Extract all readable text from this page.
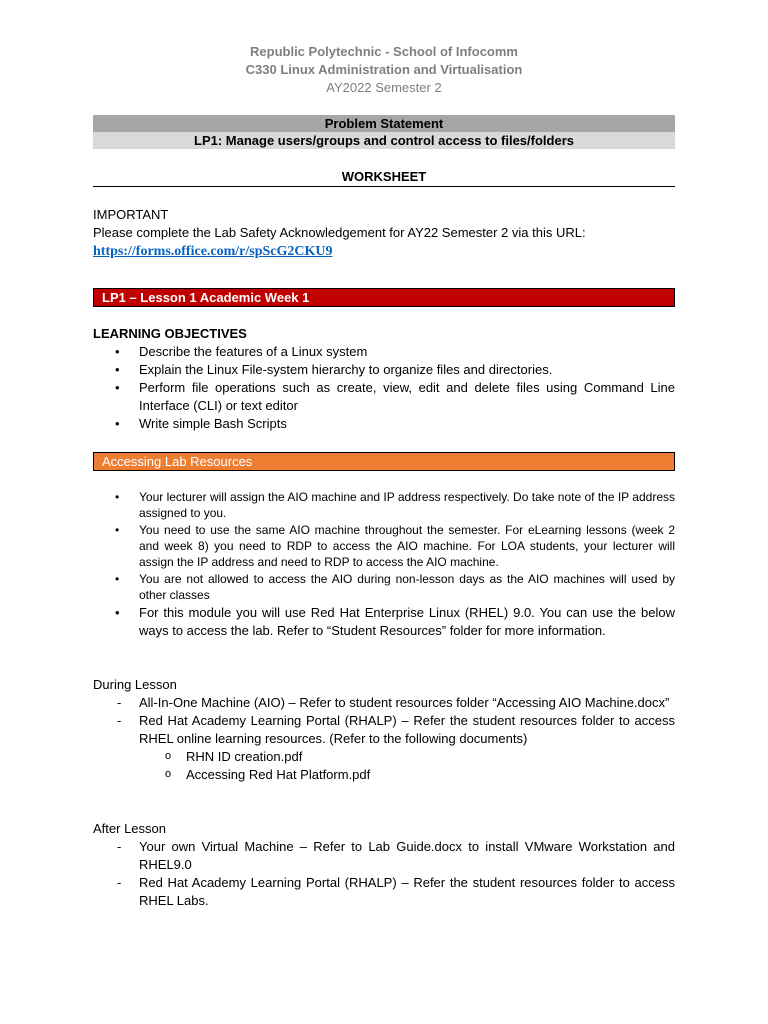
Republic Polytechnic - School of Infocomm
C330 Linux Administration and Virtualisation
AY2022 Semester 2
Problem Statement
LP1: Manage users/groups and control access to files/folders
WORKSHEET
IMPORTANT
Please complete the Lab Safety Acknowledgement for AY22 Semester 2 via this URL:
https://forms.office.com/r/spScG2CKU9
LP1 – Lesson 1 Academic Week 1
LEARNING OBJECTIVES
• Describe the features of a Linux system
• Explain the Linux File-system hierarchy to organize files and directories.
• Perform file operations such as create, view, edit and delete files using Command Line Interface (CLI) or text editor
• Write simple Bash Scripts
Accessing Lab Resources
• Your lecturer will assign the AIO machine and IP address respectively. Do take note of the IP address assigned to you.
• You need to use the same AIO machine throughout the semester. For eLearning lessons (week 2 and week 8) you need to RDP to access the AIO machine. For LOA students, your lecturer will assign the IP address and need to RDP to access the AIO machine.
• You are not allowed to access the AIO during non-lesson days as the AIO machines will used by other classes
• For this module you will use Red Hat Enterprise Linux (RHEL) 9.0. You can use the below ways to access the lab. Refer to “Student Resources” folder for more information.
During Lesson
- All-In-One Machine (AIO) – Refer to student resources folder “Accessing AIO Machine.docx”
- Red Hat Academy Learning Portal (RHALP) – Refer the student resources folder to access RHEL online learning resources. (Refer to the following documents)
o RHN ID creation.pdf
o Accessing Red Hat Platform.pdf
After Lesson
- Your own Virtual Machine – Refer to Lab Guide.docx to install VMware Workstation and RHEL9.0
- Red Hat Academy Learning Portal (RHALP) – Refer the student resources folder to access RHEL Labs.
